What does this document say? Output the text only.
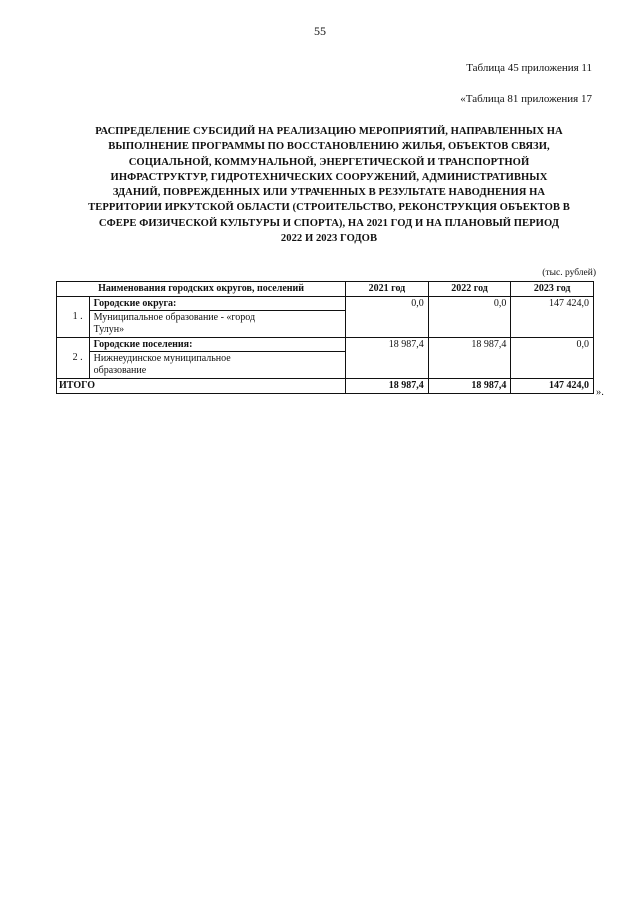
55
Таблица 45 приложения 11
«Таблица 81 приложения 17
РАСПРЕДЕЛЕНИЕ СУБСИДИЙ НА РЕАЛИЗАЦИЮ МЕРОПРИЯТИЙ, НАПРАВЛЕННЫХ НА
ВЫПОЛНЕНИЕ ПРОГРАММЫ ПО ВОССТАНОВЛЕНИЮ ЖИЛЬЯ, ОБЪЕКТОВ СВЯЗИ,
СОЦИАЛЬНОЙ, КОММУНАЛЬНОЙ, ЭНЕРГЕТИЧЕСКОЙ И ТРАНСПОРТНОЙ
ИНФРАСТРУКТУР, ГИДРОТЕХНИЧЕСКИХ СООРУЖЕНИЙ, АДМИНИСТРАТИВНЫХ
ЗДАНИЙ, ПОВРЕЖДЕННЫХ ИЛИ УТРАЧЕННЫХ В РЕЗУЛЬТАТЕ НАВОДНЕНИЯ НА
ТЕРРИТОРИИ ИРКУТСКОЙ ОБЛАСТИ (СТРОИТЕЛЬСТВО, РЕКОНСТРУКЦИЯ ОБЪЕКТОВ В
СФЕРЕ ФИЗИЧЕСКОЙ КУЛЬТУРЫ И СПОРТА), НА 2021 ГОД И НА ПЛАНОВЫЙ ПЕРИОД
2022 И 2023 ГОДОВ
(тыс. рублей)
Наименования городских округов, поселений		2021 год	2022 год	2023 год

1 .	Городские округа:	0,0	0,0	147 424,0

	Муниципальное образование - «город
Тулун»			

2 .	Городские поселения:	18 987,4	18 987,4	0,0

	Нижнеудинское муниципальное
образование			

ИТОГО		18 987,4	18 987,4	147 424,0
».
